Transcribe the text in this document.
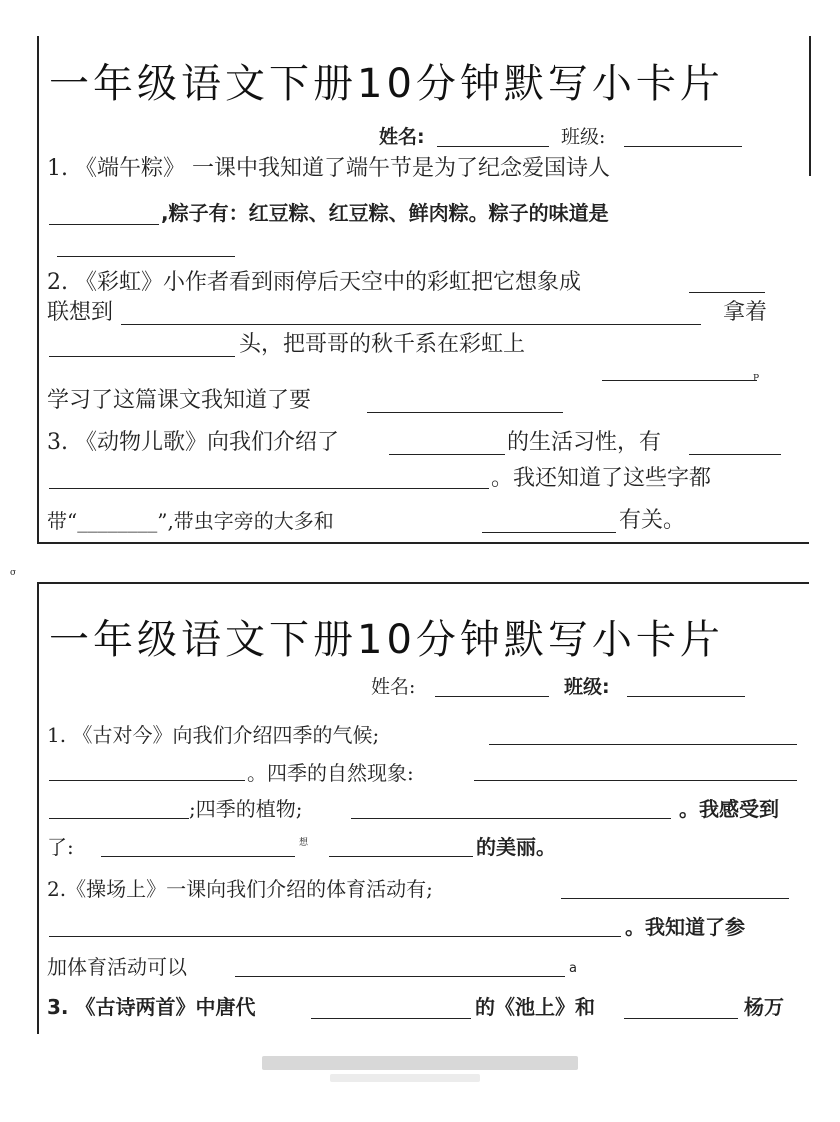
一年级语文下册10分钟默写小卡片
姓名:	班级:
1. 《端午粽》 一课中我知道了端午节是为了纪念爱国诗人
,粽子有：红豆粽、红豆粽、鲜肉粽。粽子的味道是
2. 《彩虹》小作者看到雨停后天空中的彩虹把它想象成
联想到	拿着
头，把哥哥的秋千系在彩虹上
P
学习了这篇课文我知道了要
3. 《动物儿歌》向我们介绍了	的生活习性，有
。我还知道了这些字都
带“________”,带虫字旁的大多和	有关。
σ
一年级语文下册10分钟默写小卡片
姓名:	班级:
1. 《古对今》向我们介绍四季的气候;
。四季的自然现象:
;四季的植物;	。我感受到
了:	想	的美丽。
2.《操场上》一课向我们介绍的体育活动有;
。我知道了参
加体育活动可以	a
3. 《古诗两首》中唐代	的《池上》和	杨万
